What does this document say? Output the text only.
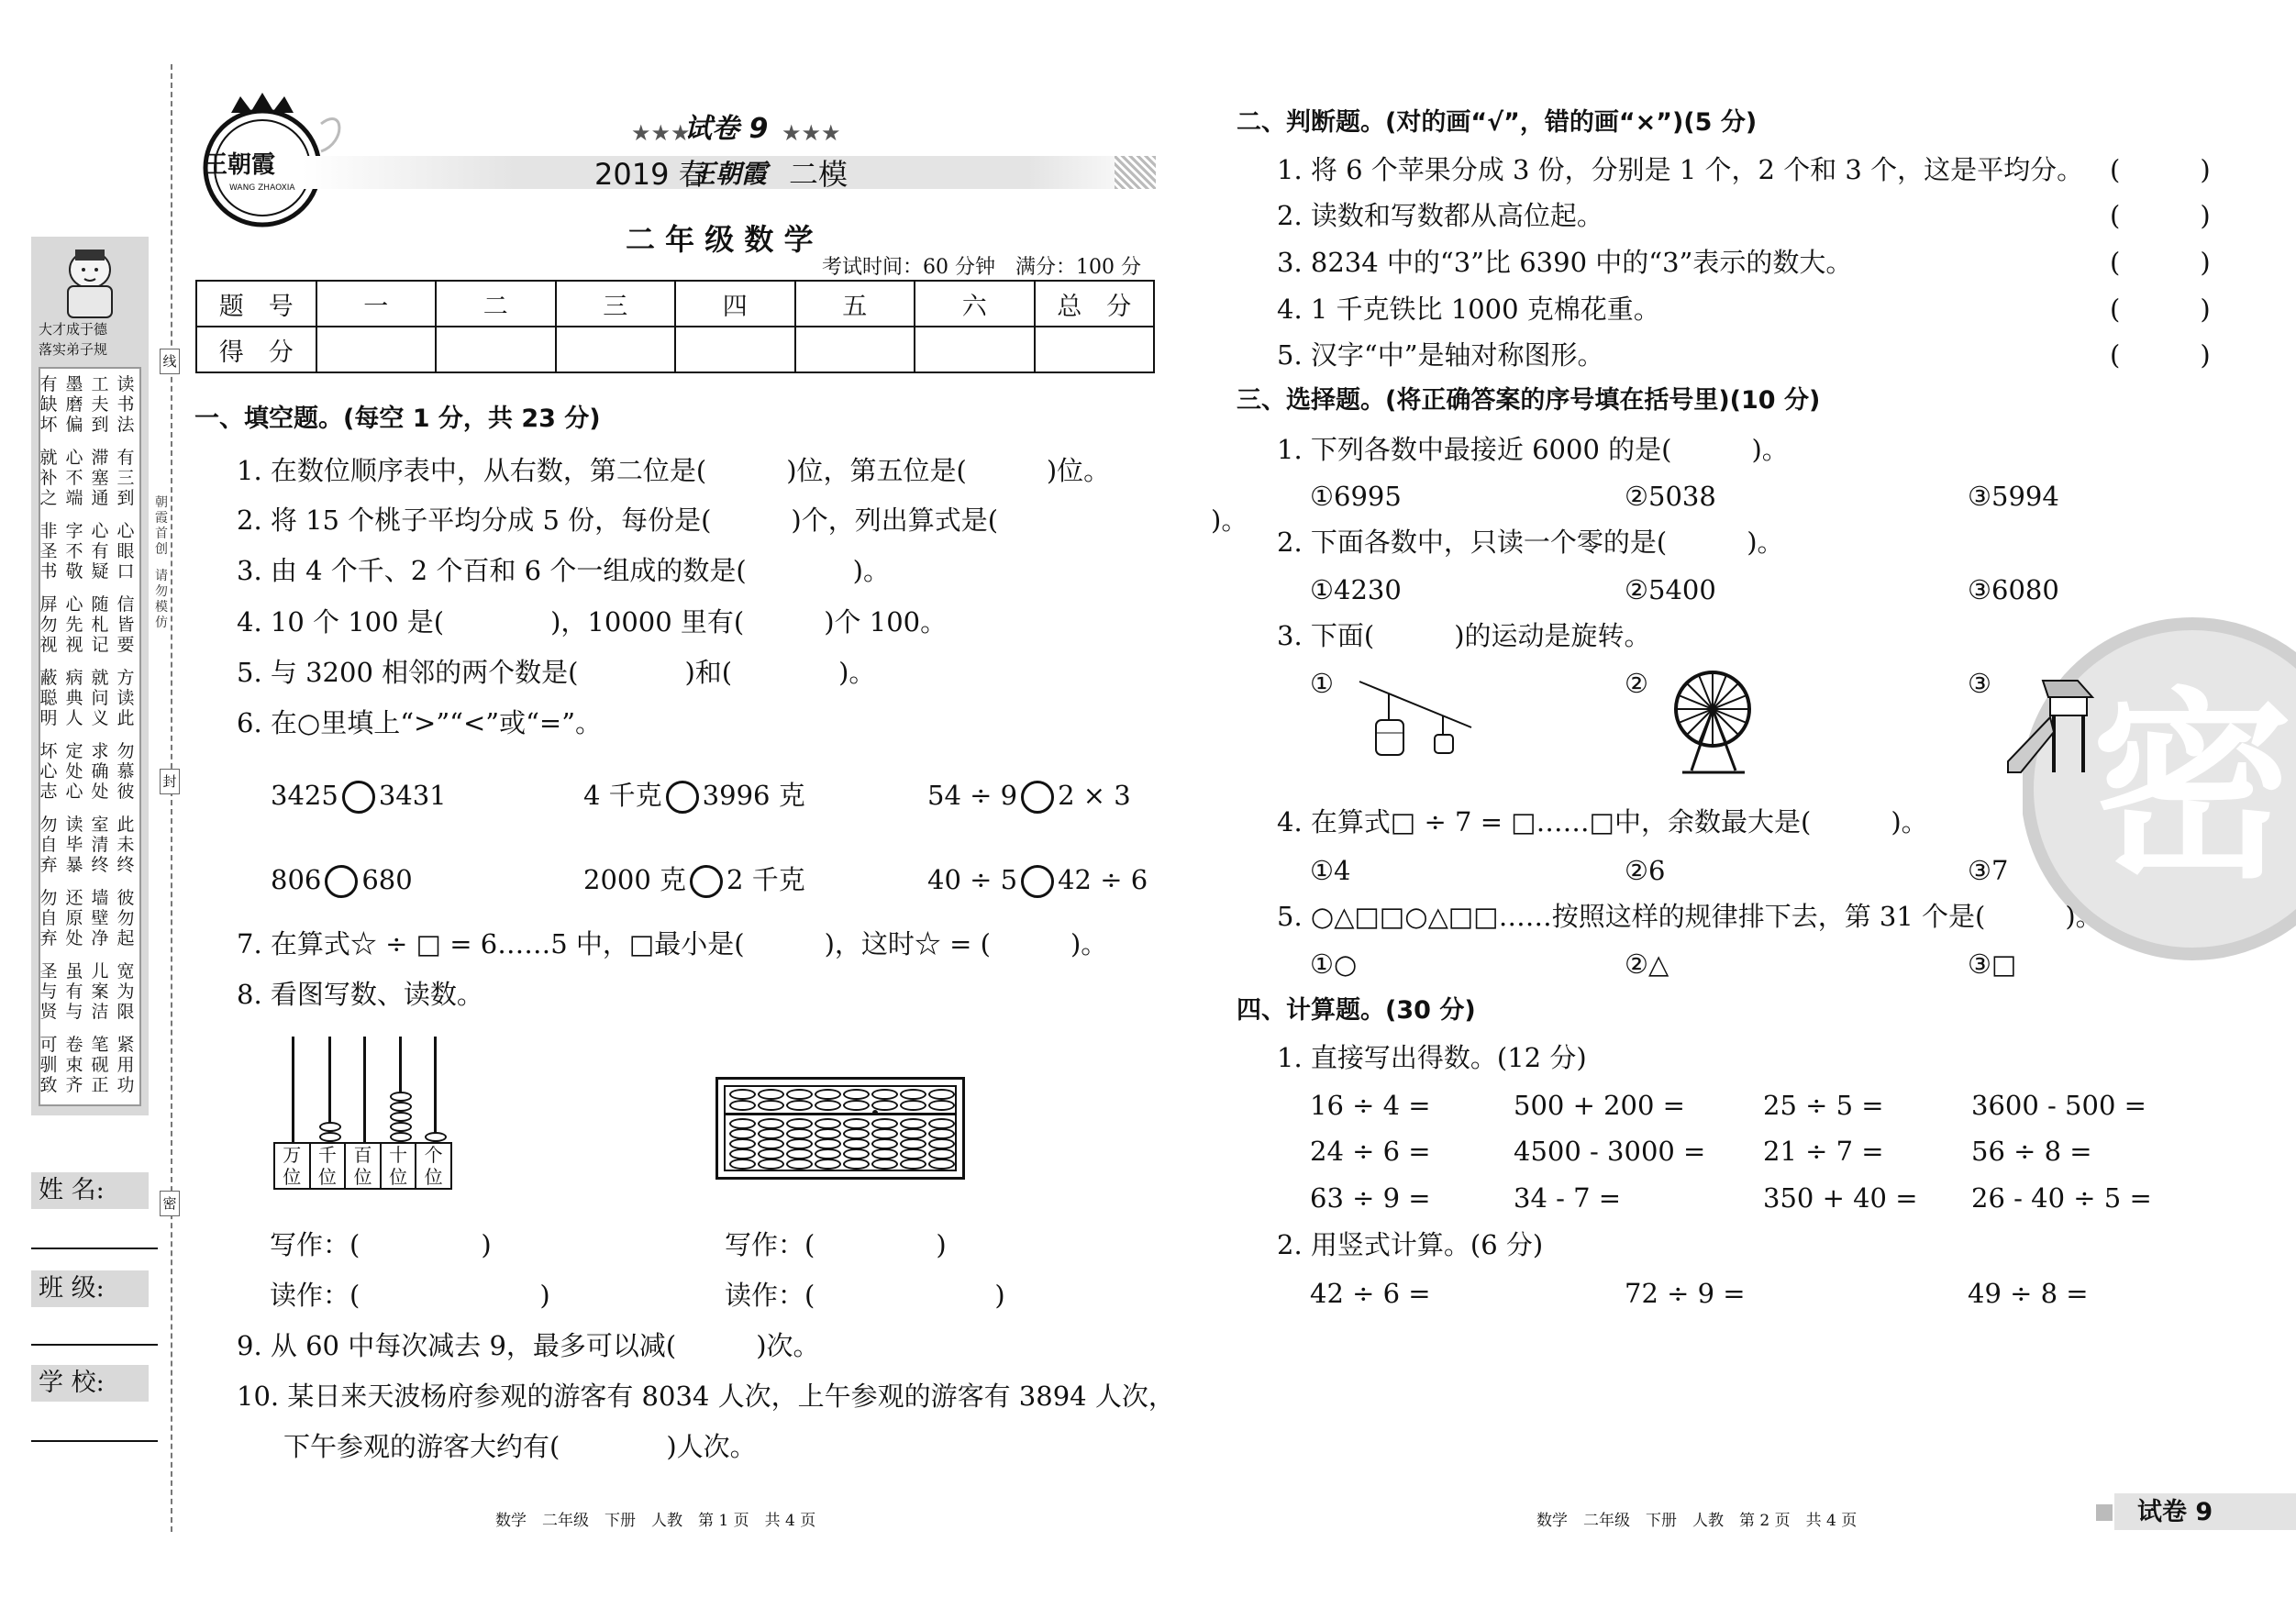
大才成于德
落实弟子规
读书法
工夫到
墨磨偏
有缺坏
有三到
滞塞通
心不端
就补之
心眼口
心有疑
字不敬
非圣书
信皆要
随札记
心先视
屏勿视
方读此
就问义
病典人
蔽聪明
勿慕彼
求确处
定处心
坏心志
此未终
室清终
读毕暴
勿自弃
彼勿起
墙壁净
还原处
勿自弃
宽为限
儿案洁
虽有与
圣与贤
紧用功
笔砚正
卷束齐
可驯致
朝霞首创
请勿模仿
线
封
密
姓 名:
班 级:
学 校:
王朝霞
WANG ZHAOXIA
★★★
试卷 9 ★★★
2019 春
王朝霞 二模
二 年 级 数 学
考试时间：60 分钟　满分：100 分
题　号	一	二	三	四	五	六	总　分
得　分							
一、填空题。(每空 1 分，共 23 分)
1. 在数位顺序表中，从右数，第二位是(　　　)位，第五位是(　　　)位。
2. 将 15 个桃子平均分成 5 份，每份是(　　　)个，列出算式是(　　　　　　　　)。
3. 由 4 个千、2 个百和 6 个一组成的数是(　　　　)。
4. 10 个 100 是(　　　　)，10000 里有(　　　)个 100。
5. 与 3200 相邻的两个数是(　　　　)和(　　　　)。
6. 在○里填上“>”“<”或“=”。
3425 3431	4 千克 3996 克	54 ÷ 9 2 × 3
806 680	2000 克 2 千克	40 ÷ 5 42 ÷ 6
7. 在算式☆ ÷ □ = 6……5 中，□最小是(　　　)，这时☆ = (　　　)。
8. 看图写数、读数。
万位
千位
百位
十位
个位
写作：(	)
读作：(	)
写作：(	)
读作：(	)
9. 从 60 中每次减去 9，最多可以减(　　　)次。
10. 某日来天波杨府参观的游客有 8034 人次，上午参观的游客有 3894 人次，
下午参观的游客大约有(　　　　)人次。
数学　二年级　下册　人教　第 1 页　共 4 页
密
二、判断题。(对的画“√”，错的画“×”)(5 分)
1. 将 6 个苹果分成 3 份，分别是 1 个，2 个和 3 个，这是平均分。 (　　　)
2. 读数和写数都从高位起。	(　　　)
3. 8234 中的“3”比 6390 中的“3”表示的数大。	(　　　)
4. 1 千克铁比 1000 克棉花重。	(　　　)
5. 汉字“中”是轴对称图形。	(　　　)
三、选择题。(将正确答案的序号填在括号里)(10 分)
1. 下列各数中最接近 6000 的是(　　　)。
①6995	②5038	③5994
2. 下面各数中，只读一个零的是(　　　)。
①4230	②5400	③6080
3. 下面(　　　)的运动是旋转。
①	②	③
4. 在算式□ ÷ 7 = □……□中，余数最大是(　　　)。
①4	②6	③7
5. ○△□□○△□□……按照这样的规律排下去，第 31 个是(　　　)。
①○	②△	③□
四、计算题。(30 分)
1. 直接写出得数。(12 分)
16 ÷ 4 =	500 + 200 =	25 ÷ 5 =	3600 - 500 =
24 ÷ 6 =	4500 - 3000 = 21 ÷ 7 =	56 ÷ 8 =
63 ÷ 9 =	34 - 7 =	350 + 40 = 26 - 40 ÷ 5 =
2. 用竖式计算。(6 分)
42 ÷ 6 =	72 ÷ 9 =	49 ÷ 8 =
数学　二年级　下册　人教　第 2 页　共 4 页	试卷 9
